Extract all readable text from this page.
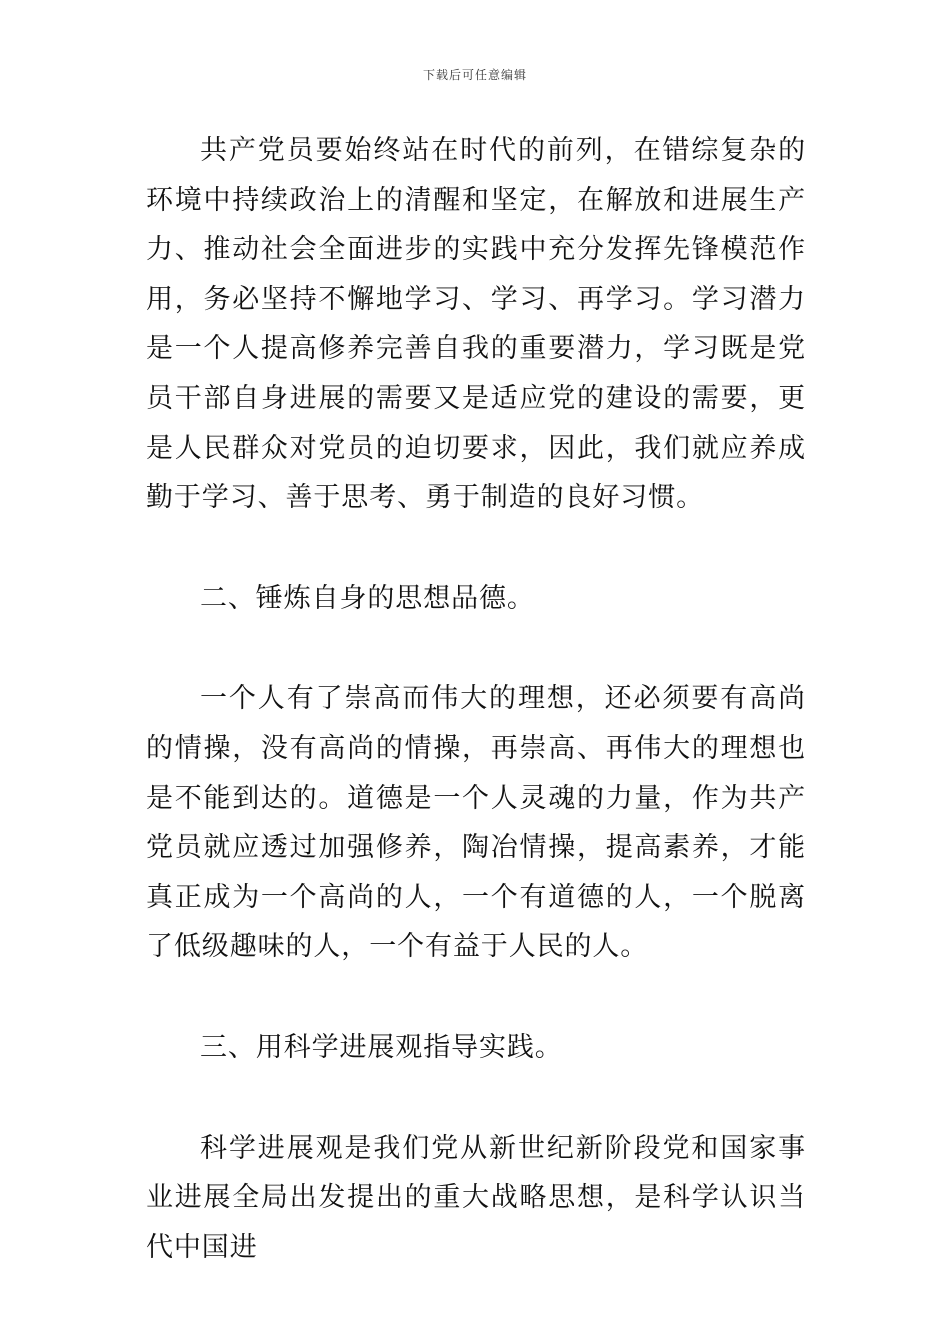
下载后可任意编辑

共产党员要始终站在时代的前列，在错综复杂的环境中持续政治上的清醒和坚定，在解放和进展生产力、推动社会全面进步的实践中充分发挥先锋模范作用，务必坚持不懈地学习、学习、再学习。学习潜力是一个人提高修养完善自我的重要潜力，学习既是党员干部自身进展的需要又是适应党的建设的需要，更是人民群众对党员的迫切要求，因此，我们就应养成勤于学习、善于思考、勇于制造的良好习惯。

二、锤炼自身的思想品德。

一个人有了崇高而伟大的理想，还必须要有高尚的情操，没有高尚的情操，再崇高、再伟大的理想也是不能到达的。道德是一个人灵魂的力量，作为共产党员就应透过加强修养，陶冶情操，提高素养，才能真正成为一个高尚的人，一个有道德的人，一个脱离了低级趣味的人，一个有益于人民的人。

三、用科学进展观指导实践。

科学进展观是我们党从新世纪新阶段党和国家事业进展全局出发提出的重大战略思想，是科学认识当代中国进
